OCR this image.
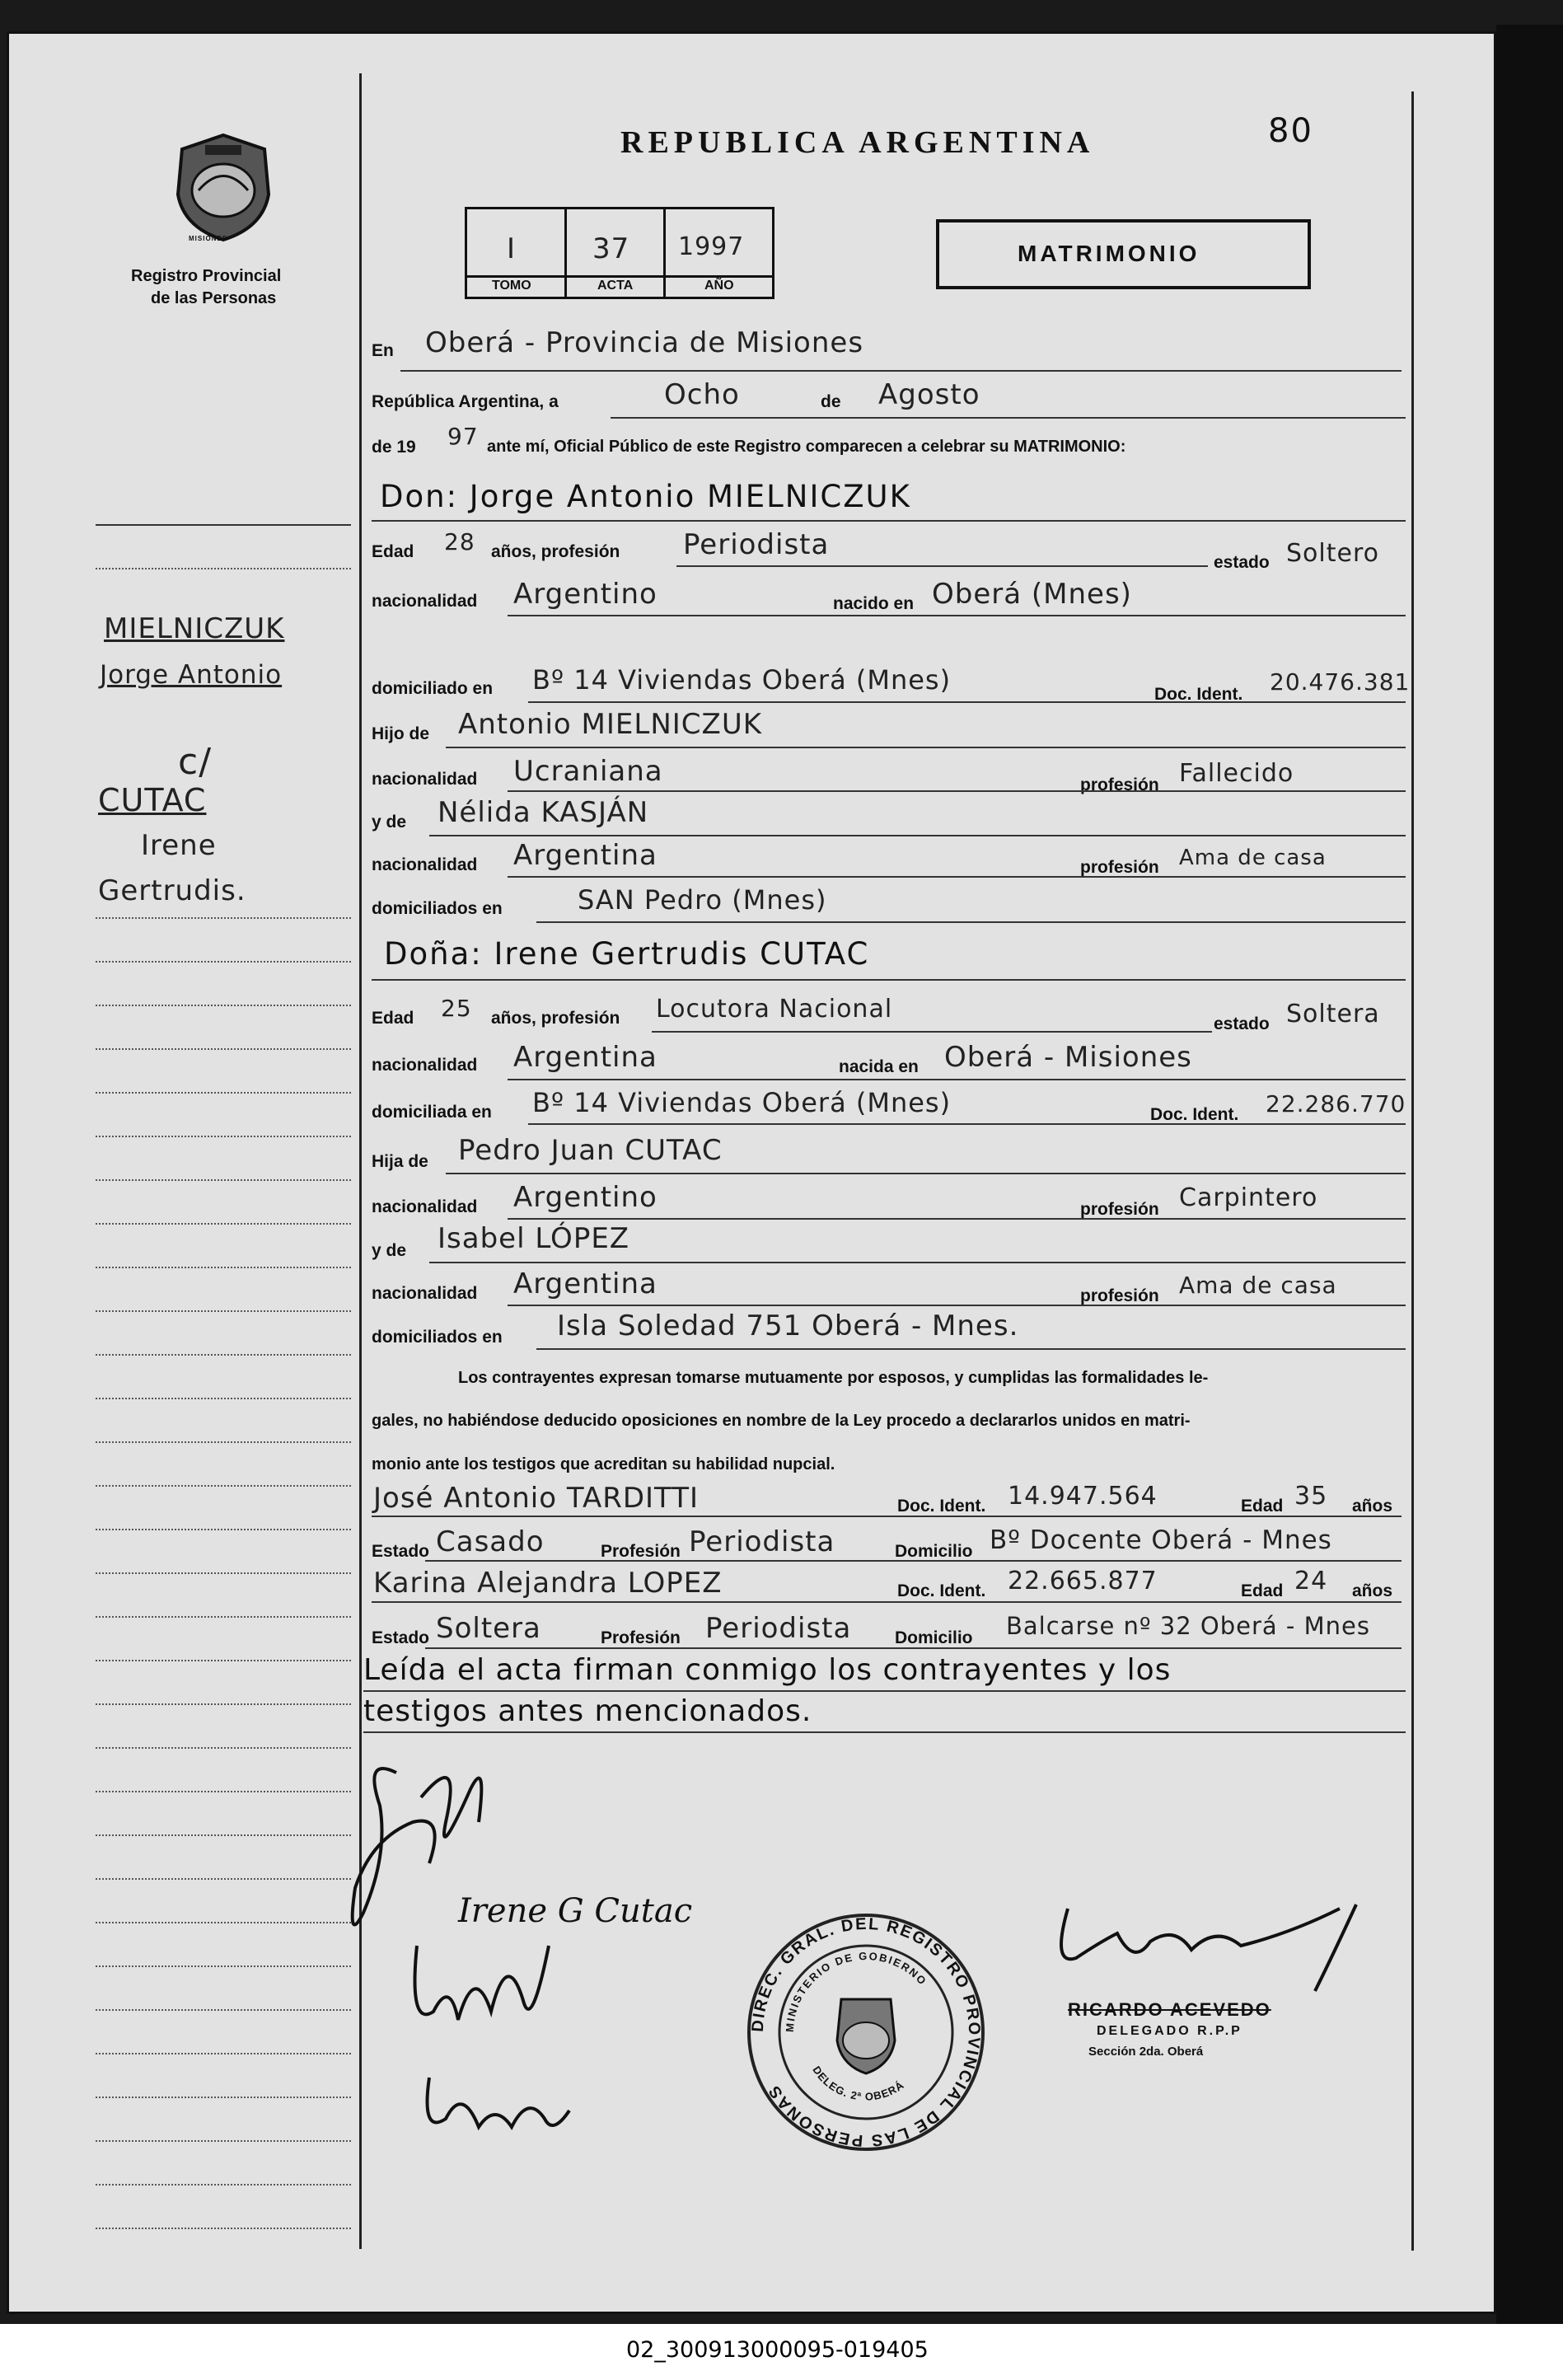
MISIONES
Registro Provincial
de las Personas
REPUBLICA ARGENTINA	80
I	37 1997
TOMO	ACTA	AÑO
MATRIMONIO
En Oberá - Provincia de Misiones
República Argentina, a	Ocho	de Agosto
de 19 97 ante mí, Oficial Público de este Registro comparecen a celebrar su MATRIMONIO:
Don: Jorge Antonio MIELNICZUK
Edad 28 años, profesión Periodista
estado Soltero
nacionalidad Argentino	nacido en Oberá (Mnes)
domiciliado en Bº 14 Viviendas Oberá (Mnes)	Doc. Ident. 20.476.381
Hijo de Antonio MIELNICZUK
nacionalidad Ucraniana	profesión Fallecido
y de Nélida KASJÁN
nacionalidad Argentina	profesión Ama de casa
domiciliados en	SAN Pedro (Mnes)
Doña: Irene Gertrudis CUTAC
Edad 25 años, profesión Locutora Nacional
estado Soltera
nacionalidad Argentina	nacida en Oberá - Misiones
domiciliada en Bº 14 Viviendas Oberá (Mnes)	Doc. Ident. 22.286.770
Hija de Pedro Juan CUTAC
nacionalidad Argentino	profesión Carpintero
y de Isabel LÓPEZ
nacionalidad Argentina	profesión Ama de casa
domiciliados en Isla Soledad 751 Oberá - Mnes.
Los contrayentes expresan tomarse mutuamente por esposos, y cumplidas las formalidades le-
gales, no habiéndose deducido oposiciones en nombre de la Ley procedo a declararlos unidos en matri-
monio ante los testigos que acreditan su habilidad nupcial.
José Antonio TARDITTI	Doc. Ident. 14.947.564	Edad 35 años
Estado Casado	Profesión Periodista	Domicilio Bº Docente Oberá - Mnes
Karina Alejandra LOPEZ	Doc. Ident. 22.665.877	Edad 24 años
Estado Soltera	Profesión Periodista	Domicilio Balcarse nº 32 Oberá - Mnes
Leída el acta firman conmigo los contrayentes y los
testigos antes mencionados.
Irene G Cutac
RICARDO ACEVEDO
DELEGADO R.P.P
Sección 2da. Oberá
DIREC. GRAL. DEL REGISTRO PROVINCIAL DE LAS PERSONAS
MINISTERIO DE GOBIERNO
DELEG. 2ª OBERÁ
MIELNICZUK
Jorge Antonio
c/
CUTAC
Irene
Gertrudis.
02_300913000095-019405
